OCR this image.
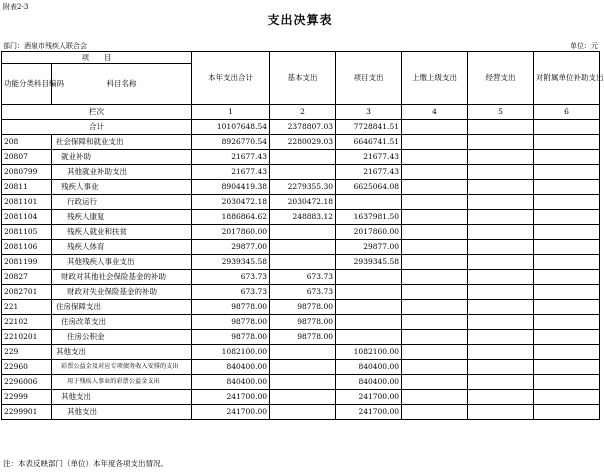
附表2-3
支出决算表
部门：酒泉市残疾人联合会	单位：元
项　　目		本年支出合计	基本支出	项目支出	上缴上级支出	经营支出	对附属单位补助支出
功能分类科目编码	科目名称						
栏次		1	2	3	4	5	6
合计		10107648.54	2378807.03	7728841.51			
208	社会保障和就业支出	8926770.54	2280029.03	6646741.51			
20807	就业补助	21677.43		21677.43			
2080799	其他就业补助支出	21677.43		21677.43			
20811	残疾人事业	8904419.38	2279355.30	6625064.08			
2081101	行政运行	2030472.18	2030472.18				
2081104	残疾人康复	1886864.62	248883.12	1637981.50			
2081105	残疾人就业和扶贫	2017860.00		2017860.00			
2081106	残疾人体育	29877.00		29877.00			
2081199	其他残疾人事业支出	2939345.58		2939345.58			
20827	财政对其他社会保险基金的补助	673.73	673.73				
2082701	财政对失业保险基金的补助	673.73	673.73				
221	住房保障支出	98778.00	98778.00				
22102	住房改革支出	98778.00	98778.00				
2210201	住房公积金	98778.00	98778.00				
229	其他支出	1082100.00		1082100.00			
22960	彩票公益金及对应专项债务收入安排的支出	840400.00		840400.00			
2296006	用于残疾人事业的彩票公益金支出	840400.00		840400.00			
22999	其他支出	241700.00		241700.00			
2299901	其他支出	241700.00		241700.00			
注：本表反映部门（单位）本年度各项支出情况。
